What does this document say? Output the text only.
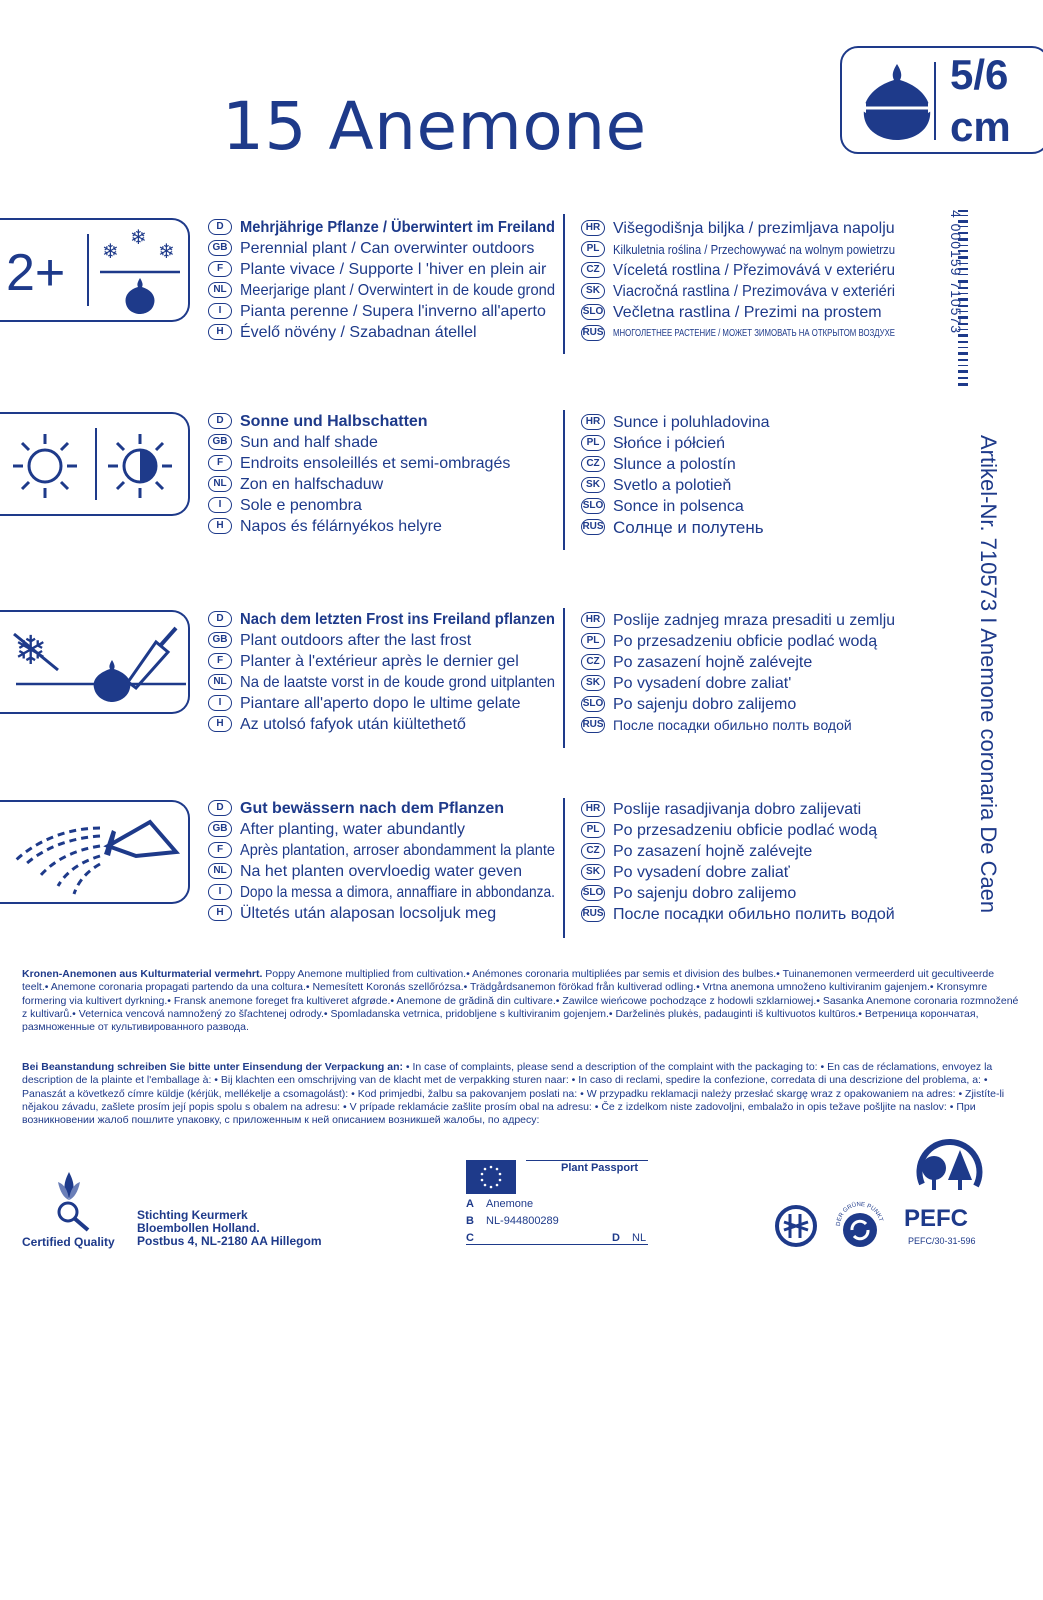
15 Anemone
5/6
cm
2+ ❄
❄
❄
❄
D Mehrjährige Pflanze / Überwintert im Freiland
GB Perennial plant / Can overwinter outdoors
F Plante vivace / Supporte l 'hiver en plein air
NL Meerjarige plant / Overwintert in de koude grond
I Pianta perenne / Supera l'inverno all'aperto
H Évelő növény / Szabadnan átellel
HR Višegodišnja biljka / prezimljava napolju
PL Kilkuletnia roślina / Przechowywać na wolnym powietrzu
CZ Víceletá rostlina / Přezimovává v exteriéru
SK Viacročná rastlina / Prezimováva v exteriéri
SLO Večletna rastlina / Prezimi na prostem
RUS МНОГОЛЕТНЕЕ РАСТЕНИЕ / МОЖЕТ ЗИМОВАТЬ НА ОТКРЫТОМ ВОЗДУХЕ
D Sonne und Halbschatten
GB Sun and half shade
F Endroits ensoleillés et semi-ombragés
NL Zon en halfschaduw
I Sole e penombra
H Napos és félárnyékos helyre
HR Sunce i poluhladovina
PL Słońce i półcień
CZ Slunce a polostín
SK Svetlo a polotieň
SLO Sonce in polsenca
RUS Солнце и полутень
D Nach dem letzten Frost ins Freiland pflanzen
GB Plant outdoors after the last frost
F Planter à l'extérieur après le dernier gel
NL Na de laatste vorst in de koude grond uitplanten
I Piantare all'aperto dopo le ultime gelate
H Az utolsó fafyok után kiültethető
HR Poslije zadnjeg mraza presaditi u zemlju
PL Po przesadzeniu obficie podlać wodą
CZ Po zasazení hojně zalévejte
SK Po vysadení dobre zaliat'
SLO Po sajenju dobro zalijemo
RUS После посадки обильно полть водой
D Gut bewässern nach dem Pflanzen
GB After planting, water abundantly
F Après plantation, arroser abondamment la plante
NL Na het planten overvloedig water geven
I Dopo la messa a dimora, annaffiare in abbondanza.
H Ültetés után alaposan locsoljuk meg
HR Poslije rasadjivanja dobro zalijevati
PL Po przesadzeniu obficie podlać wodą
CZ Po zasazení hojně zalévejte
SK Po vysadení dobre zaliať
SLO Po sajenju dobro zalijemo
RUS После посадки обильно полить водой
4 000159 710573
Artikel-Nr. 710573 I Anemone coronaria De Caen
Kronen-Anemonen aus Kulturmaterial vermehrt. Poppy Anemone multiplied from cultivation.• Anémones coronaria multipliées par semis et division des bulbes.• Tuinanemonen vermeerderd uit gecultiveerde teelt.• Anemone coronaria propagati partendo da una coltura.• Nemesített Koronás szellőrózsa.• Trädgårdsanemon förökad från kultiverad odling.• Vrtna anemona umnoženo kultiviranim gajenjem.• Kronsymre formering via kultivert dyrkning.• Fransk anemone foreget fra kultiveret afgrøde.• Anemone de grădină din cultivare.• Zawilce wieńcowe pochodzące z hodowli szklarniowej.• Sasanka Anemone coronaria rozmnožené z kultivarů.• Veternica vencová namnožený zo šľachtenej odrody.• Spomladanska vetrnica, pridobljene s kultiviranim gojenjem.• Darželinės plukės, padauginti iš kultivuotos kultūros.• Ветреница корончатая, размноженные от культивированного развода.
Bei Beanstandung schreiben Sie bitte unter Einsendung der Verpackung an: • In case of complaints, please send a description of the complaint with the packaging to: • En cas de réclamations, envoyez la description de la plainte et l'emballage à: • Bij klachten een omschrijving van de klacht met de verpakking sturen naar: • In caso di reclami, spedire la confezione, corredata di una descrizione del problema, a: • Panaszát a következő címre küldje (kérjük, mellékelje a csomagolást): • Kod primjedbi, žalbu sa pakovanjem poslati na: • W przypadku reklamacji należy przesłać skargę wraz z opakowaniem na adres: • Zjistíte-li nějakou závadu, zašlete prosím její popis spolu s obalem na adresu: • V prípade reklamácie zašlite prosím obal na adresu: • Če z izdelkom niste zadovoljni, embalažo in opis težave pošljite na naslov: • При возникновении жалоб пошлите упаковку, с приложенным к ней описанием возникшей жалобы, по адресу:
Certified Quality
Stichting Keurmerk
Bloembollen Holland.
Postbus 4, NL-2180 AA Hillegom
Plant Passport
A Anemone
B NL-944800289
C	D NL
DER GRÜNE PUNKT PEFC
PEFC/30-31-596
